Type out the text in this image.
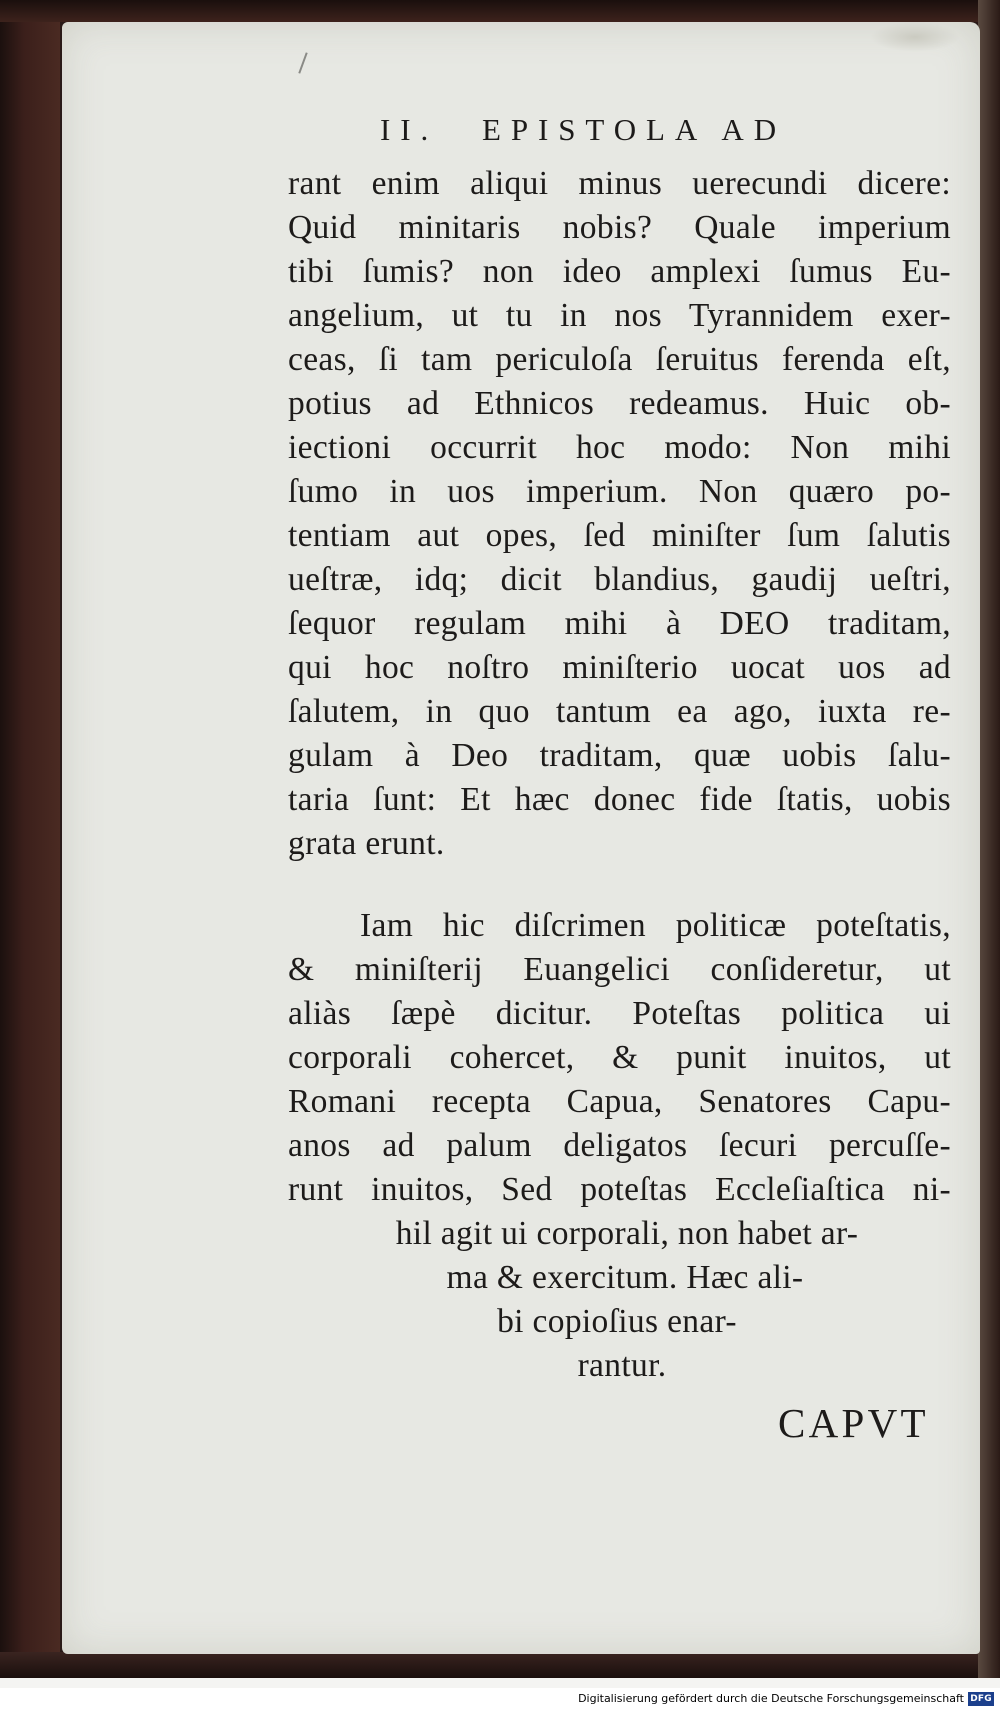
II. EPISTOLA AD
rant enim aliqui minus uerecundi dicere:
Quid minitaris nobis? Quale imperium
tibi ſumis? non ideo amplexi ſumus Eu-
angelium, ut tu in nos Tyrannidem exer-
ceas, ſi tam periculoſa ſeruitus ferenda eſt,
potius ad Ethnicos redeamus. Huic ob-
iectioni occurrit hoc modo: Non mihi
ſumo in uos imperium. Non quæro po-
tentiam aut opes, ſed miniſter ſum ſalutis
ueſtræ, idq; dicit blandius, gaudij ueſtri,
ſequor regulam mihi à DEO traditam,
qui hoc noſtro miniſterio uocat uos ad
ſalutem, in quo tantum ea ago, iuxta re-
gulam à Deo traditam, quæ uobis ſalu-
taria ſunt: Et hæc donec fide ſtatis, uobis
grata erunt.
Iam hic diſcrimen politicæ poteſtatis,
& miniſterij Euangelici conſideretur, ut
aliàs ſæpè dicitur. Poteſtas politica ui
corporali cohercet, & punit inuitos, ut
Romani recepta Capua, Senatores Capu-
anos ad palum deligatos ſecuri percuſſe-
runt inuitos, Sed poteſtas Eccleſiaſtica ni-
hil agit ui corporali, non habet ar-
ma & exercitum. Hæc ali-
bi copioſius enar-
rantur.
CAPVT
Digitalisierung gefördert durch die Deutsche Forschungsgemeinschaft DFG
